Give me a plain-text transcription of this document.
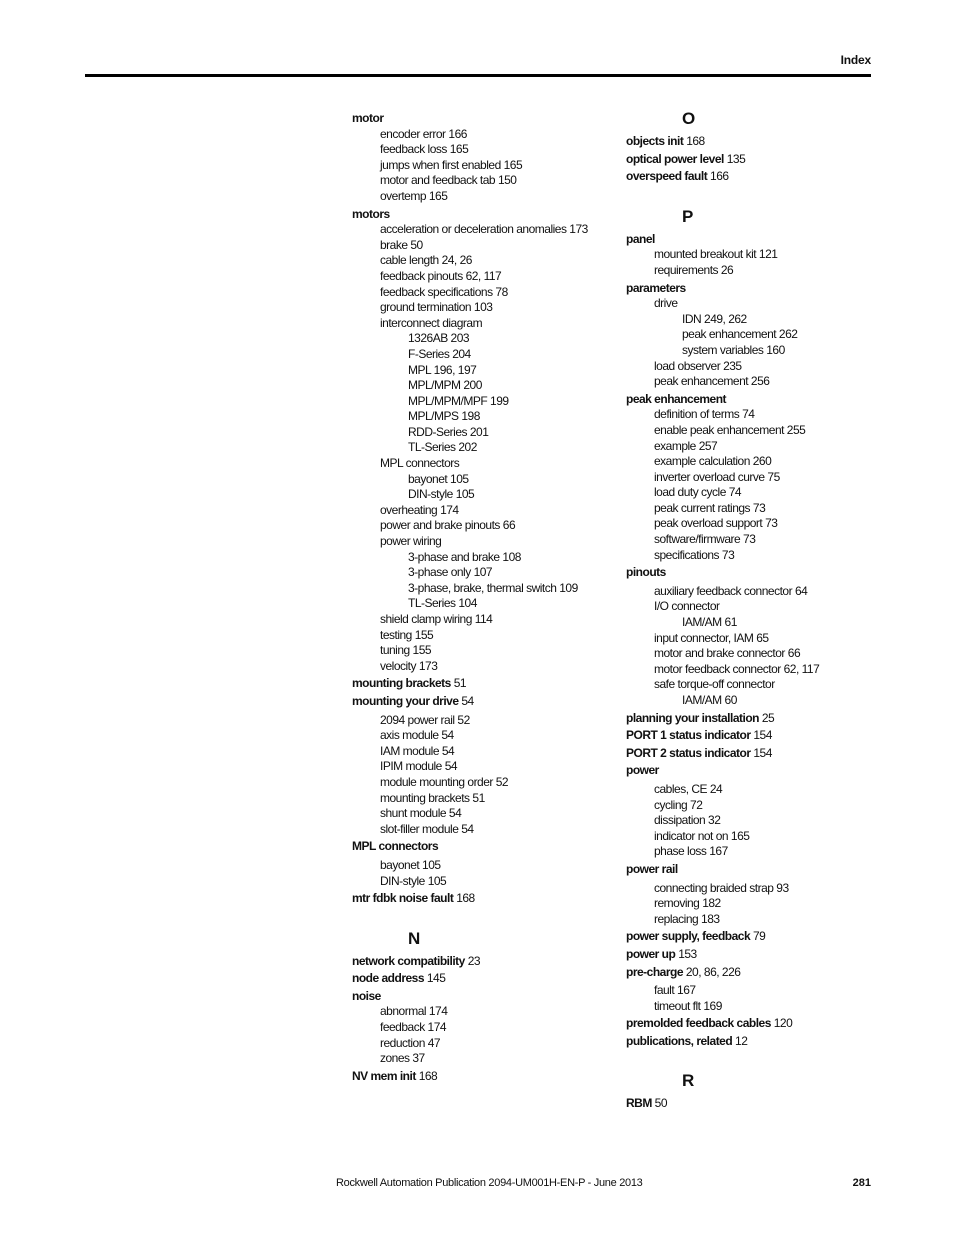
Index
motor
encoder error 166
feedback loss 165
jumps when first enabled 165
motor and feedback tab 150
overtemp 165
motors
acceleration or deceleration anomalies 173
brake 50
cable length 24, 26
feedback pinouts 62, 117
feedback specifications 78
ground termination 103
interconnect diagram
1326AB 203
F-Series 204
MPL 196, 197
MPL/MPM 200
MPL/MPM/MPF 199
MPL/MPS 198
RDD-Series 201
TL-Series 202
MPL connectors
bayonet 105
DIN-style 105
overheating 174
power and brake pinouts 66
power wiring
3-phase and brake 108
3-phase only 107
3-phase, brake, thermal switch 109
TL-Series 104
shield clamp wiring 114
testing 155
tuning 155
velocity 173
mounting brackets 51
mounting your drive 54
2094 power rail 52
axis module 54
IAM module 54
IPIM module 54
module mounting order 52
mounting brackets 51
shunt module 54
slot-filler module 54
MPL connectors
bayonet 105
DIN-style 105
mtr fdbk noise fault 168
N
network compatibility 23
node address 145
noise
abnormal 174
feedback 174
reduction 47
zones 37
NV mem init 168
O
objects init 168
optical power level 135
overspeed fault 166
P
panel
mounted breakout kit 121
requirements 26
parameters
drive
IDN 249, 262
peak enhancement 262
system variables 160
load observer 235
peak enhancement 256
peak enhancement
definition of terms 74
enable peak enhancement 255
example 257
example calculation 260
inverter overload curve 75
load duty cycle 74
peak current ratings 73
peak overload support 73
software/firmware 73
specifications 73
pinouts
auxiliary feedback connector 64
I/O connector
IAM/AM 61
input connector, IAM 65
motor and brake connector 66
motor feedback connector 62, 117
safe torque-off connector
IAM/AM 60
planning your installation 25
PORT 1 status indicator 154
PORT 2 status indicator 154
power
cables, CE 24
cycling 72
dissipation 32
indicator not on 165
phase loss 167
power rail
connecting braided strap 93
removing 182
replacing 183
power supply, feedback 79
power up 153
pre-charge 20, 86, 226
fault 167
timeout flt 169
premolded feedback cables 120
publications, related 12
R
RBM 50
Rockwell Automation Publication 2094-UM001H-EN-P - June 2013	281
